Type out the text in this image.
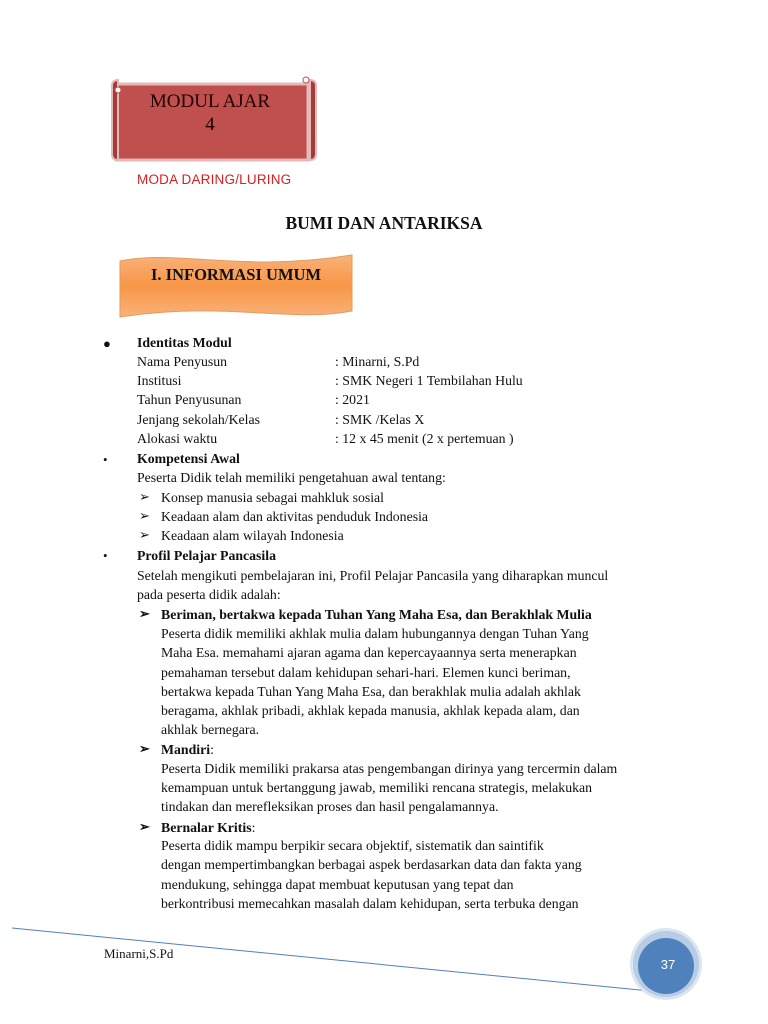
MODUL AJAR
4
MODA DARING/LURING
BUMI DAN ANTARIKSA
I. INFORMASI UMUM
● Identitas Modul
Nama Penyusun	: Minarni, S.Pd
Institusi	: SMK Negeri 1 Tembilahan Hulu
Tahun Penyusunan	: 2021
Jenjang sekolah/Kelas	: SMK /Kelas X
Alokasi waktu	: 12 x 45 menit (2 x pertemuan )
• Kompetensi Awal
Peserta Didik telah memiliki pengetahuan awal tentang:
➢ Konsep manusia sebagai mahkluk sosial
➢ Keadaan alam dan aktivitas penduduk Indonesia
➢ Keadaan alam wilayah Indonesia
• Profil Pelajar Pancasila
Setelah mengikuti pembelajaran ini, Profil Pelajar Pancasila yang diharapkan muncul
pada peserta didik adalah:
➢ Beriman, bertakwa kepada Tuhan Yang Maha Esa, dan Berakhlak Mulia
Peserta didik memiliki akhlak mulia dalam hubungannya dengan Tuhan Yang
Maha Esa. memahami ajaran agama dan kepercayaannya serta menerapkan
pemahaman tersebut dalam kehidupan sehari-hari. Elemen kunci beriman,
bertakwa kepada Tuhan Yang Maha Esa, dan berakhlak mulia adalah akhlak
beragama, akhlak pribadi, akhlak kepada manusia, akhlak kepada alam, dan
akhlak bernegara.
➢ Mandiri:
Peserta Didik memiliki prakarsa atas pengembangan dirinya yang tercermin dalam
kemampuan untuk bertanggung jawab, memiliki rencana strategis, melakukan
tindakan dan merefleksikan proses dan hasil pengalamannya.
➢ Bernalar Kritis:
Peserta didik mampu berpikir secara objektif, sistematik dan saintifik
dengan mempertimbangkan berbagai aspek berdasarkan data dan fakta yang
mendukung, sehingga dapat membuat keputusan yang tepat dan
berkontribusi memecahkan masalah dalam kehidupan, serta terbuka dengan
Minarni,S.Pd
37
